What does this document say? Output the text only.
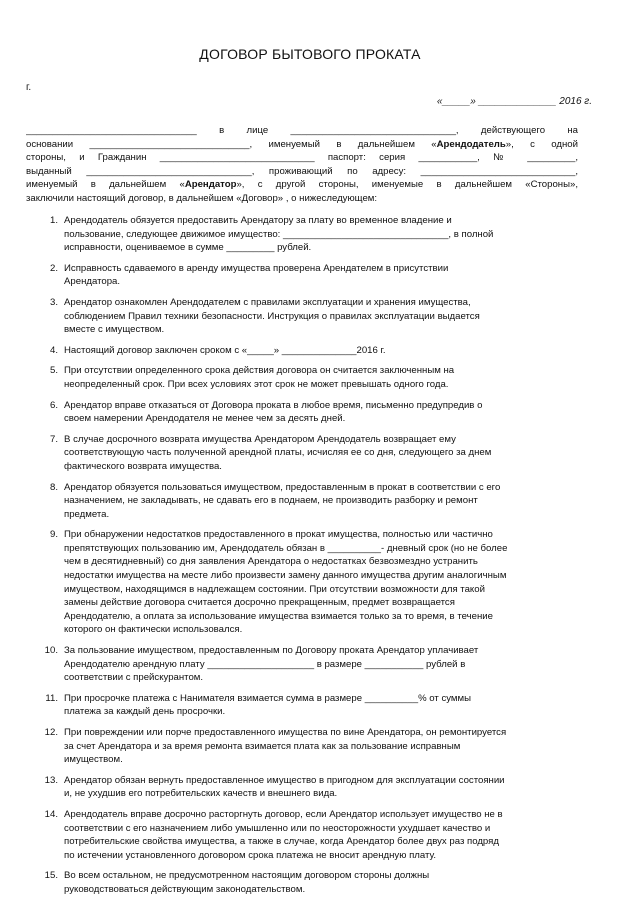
ДОГОВОР БЫТОВОГО ПРОКАТА
г.
«_____» ______________ 2016 г.
________________________________ в лице _______________________________, действующего на
основании ______________________________, именуемый в дальнейшем «Арендодатель», с одной
стороны, и Гражданин _____________________________ паспорт: серия ___________, № _________,
выданный _______________________________, проживающий по адресу: _____________________________,
именуемый в дальнейшем «Арендатор», с другой стороны, именуемые в дальнейшем «Стороны»,
заключили настоящий договор, в дальнейшем «Договор» , о нижеследующем:
1. Арендодатель обязуется предоставить Арендатору за плату во временное владение и
пользование, следующее движимое имущество: _______________________________, в полной
исправности, оцениваемое в сумме _________ рублей.
2. Исправность сдаваемого в аренду имущества проверена Арендателем в присутствии
Арендатора.
3. Арендатор ознакомлен Арендодателем с правилами эксплуатации и хранения имущества,
соблюдением Правил техники безопасности. Инструкция о правилах эксплуатации выдается
вместе с имуществом.
4. Настоящий договор заключен сроком с «_____» ______________2016 г.
5. При отсутствии определенного срока действия договора он считается заключенным на
неопределенный срок. При всех условиях этот срок не может превышать одного года.
6. Арендатор вправе отказаться от Договора проката в любое время, письменно предупредив о
своем намерении Арендодателя не менее чем за десять дней.
7. В случае досрочного возврата имущества Арендатором Арендодатель возвращает ему
соответствующую часть полученной арендной платы, исчисляя ее со дня, следующего за днем
фактического возврата имущества.
8. Арендатор обязуется пользоваться имуществом, предоставленным в прокат в соответствии с его
назначением, не закладывать, не сдавать его в поднаем, не производить разборку и ремонт
предмета.
9. При обнаружении недостатков предоставленного в прокат имущества, полностью или частично
препятствующих пользованию им, Арендодатель обязан в __________- дневный срок (но не более
чем в десятидневный) со дня заявления Арендатора о недостатках безвозмездно устранить
недостатки имущества на месте либо произвести замену данного имущества другим аналогичным
имуществом, находящимся в надлежащем состоянии. При отсутствии возможности для такой
замены действие договора считается досрочно прекращенным, предмет возвращается
Арендодателю, а оплата за использование имущества взимается только за то время, в течение
которого он фактически использовался.
10. За пользование имуществом, предоставленным по Договору проката Арендатор уплачивает
Арендодателю арендную плату ____________________ в размере ___________ рублей в
соответствии с прейскурантом.
11. При просрочке платежа с Нанимателя взимается сумма в размере __________% от суммы
платежа за каждый день просрочки.
12. При повреждении или порче предоставленного имущества по вине Арендатора, он ремонтируется
за счет Арендатора и за время ремонта взимается плата как за пользование исправным
имуществом.
13. Арендатор обязан вернуть предоставленное имущество в пригодном для эксплуатации состоянии
и, не ухудшив его потребительских качеств и внешнего вида.
14. Арендодатель вправе досрочно расторгнуть договор, если Арендатор использует имущество не в
соответствии с его назначением либо умышленно или по неосторожности ухудшает качество и
потребительские свойства имущества, а также в случае, когда Арендатор более двух раз подряд
по истечении установленного договором срока платежа не вносит арендную плату.
15. Во всем остальном, не предусмотренном настоящим договором стороны должны
руководствоваться действующим законодательством.
